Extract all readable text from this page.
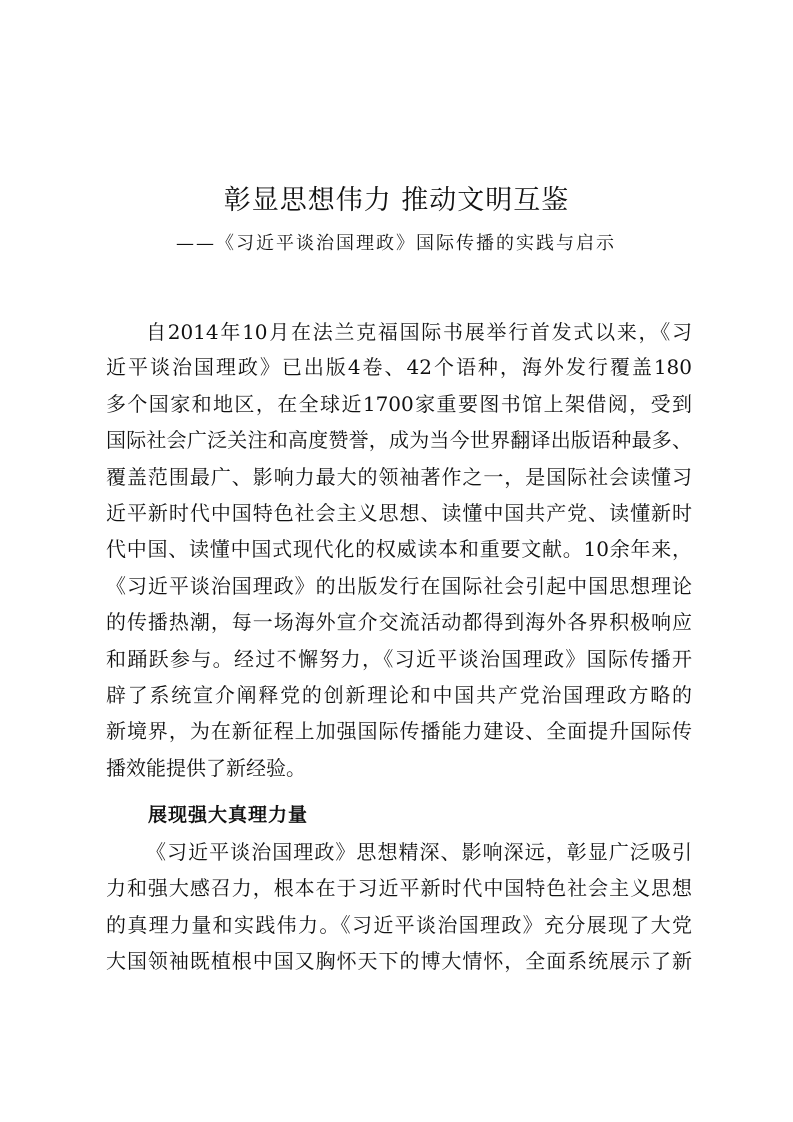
彰显思想伟力 推动文明互鉴
——《习近平谈治国理政》国际传播的实践与启示
自2014年10月在法兰克福国际书展举行首发式以来，《习
近平谈治国理政》已出版4卷、42个语种，海外发行覆盖180
多个国家和地区，在全球近1700家重要图书馆上架借阅，受到
国际社会广泛关注和高度赞誉，成为当今世界翻译出版语种最多、
覆盖范围最广、影响力最大的领袖著作之一，是国际社会读懂习
近平新时代中国特色社会主义思想、读懂中国共产党、读懂新时
代中国、读懂中国式现代化的权威读本和重要文献。10余年来，
《习近平谈治国理政》的出版发行在国际社会引起中国思想理论
的传播热潮，每一场海外宣介交流活动都得到海外各界积极响应
和踊跃参与。经过不懈努力，《习近平谈治国理政》国际传播开
辟了系统宣介阐释党的创新理论和中国共产党治国理政方略的
新境界，为在新征程上加强国际传播能力建设、全面提升国际传
播效能提供了新经验。
展现强大真理力量
《习近平谈治国理政》思想精深、影响深远，彰显广泛吸引
力和强大感召力，根本在于习近平新时代中国特色社会主义思想
的真理力量和实践伟力。《习近平谈治国理政》充分展现了大党
大国领袖既植根中国又胸怀天下的博大情怀，全面系统展示了新
